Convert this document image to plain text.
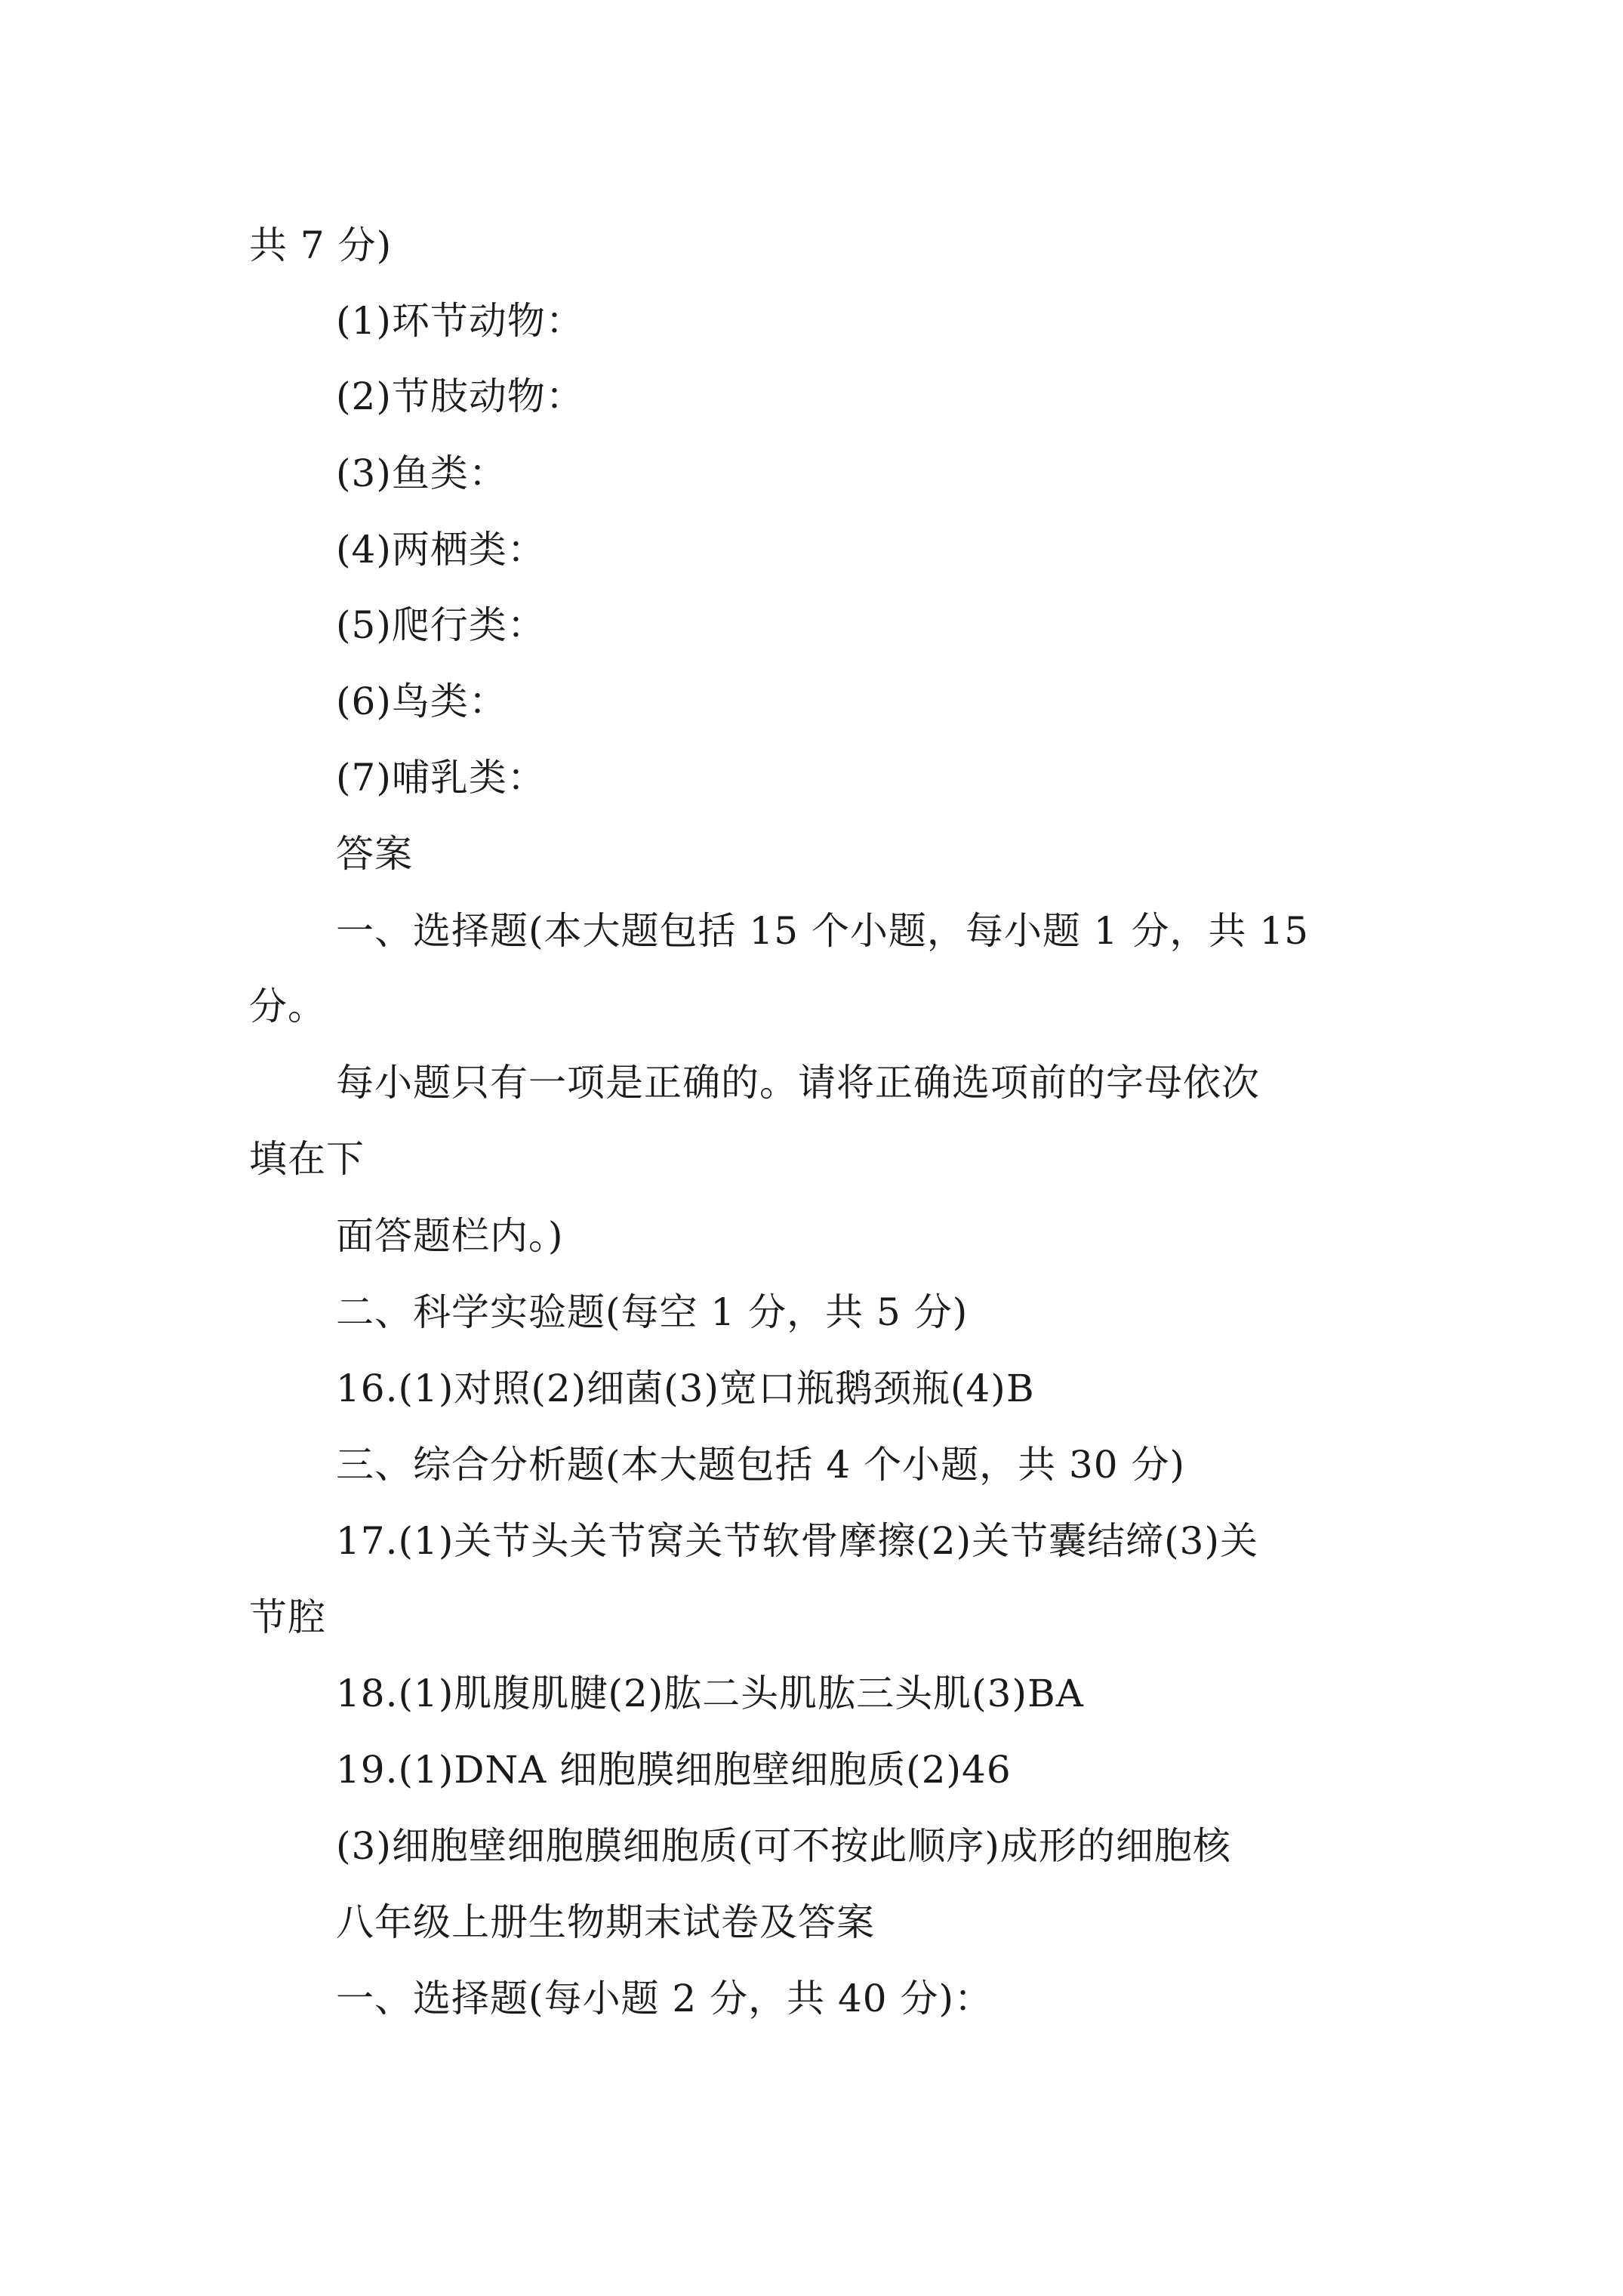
共 7 分)
(1)环节动物：
(2)节肢动物：
(3)鱼类：
(4)两栖类：
(5)爬行类：
(6)鸟类：
(7)哺乳类：
答案
一、选择题(本大题包括 15 个小题，每小题 1 分，共 15
分。
每小题只有一项是正确的。请将正确选项前的字母依次
填在下
面答题栏内。)
二、科学实验题(每空 1 分，共 5 分)
16.(1)对照(2)细菌(3)宽口瓶鹅颈瓶(4)B
三、综合分析题(本大题包括 4 个小题，共 30 分)
17.(1)关节头关节窝关节软骨摩擦(2)关节囊结缔(3)关
节腔
18.(1)肌腹肌腱(2)肱二头肌肱三头肌(3)BA
19.(1)DNA 细胞膜细胞壁细胞质(2)46
(3)细胞壁细胞膜细胞质(可不按此顺序)成形的细胞核
八年级上册生物期末试卷及答案
一、选择题(每小题 2 分，共 40 分)：
